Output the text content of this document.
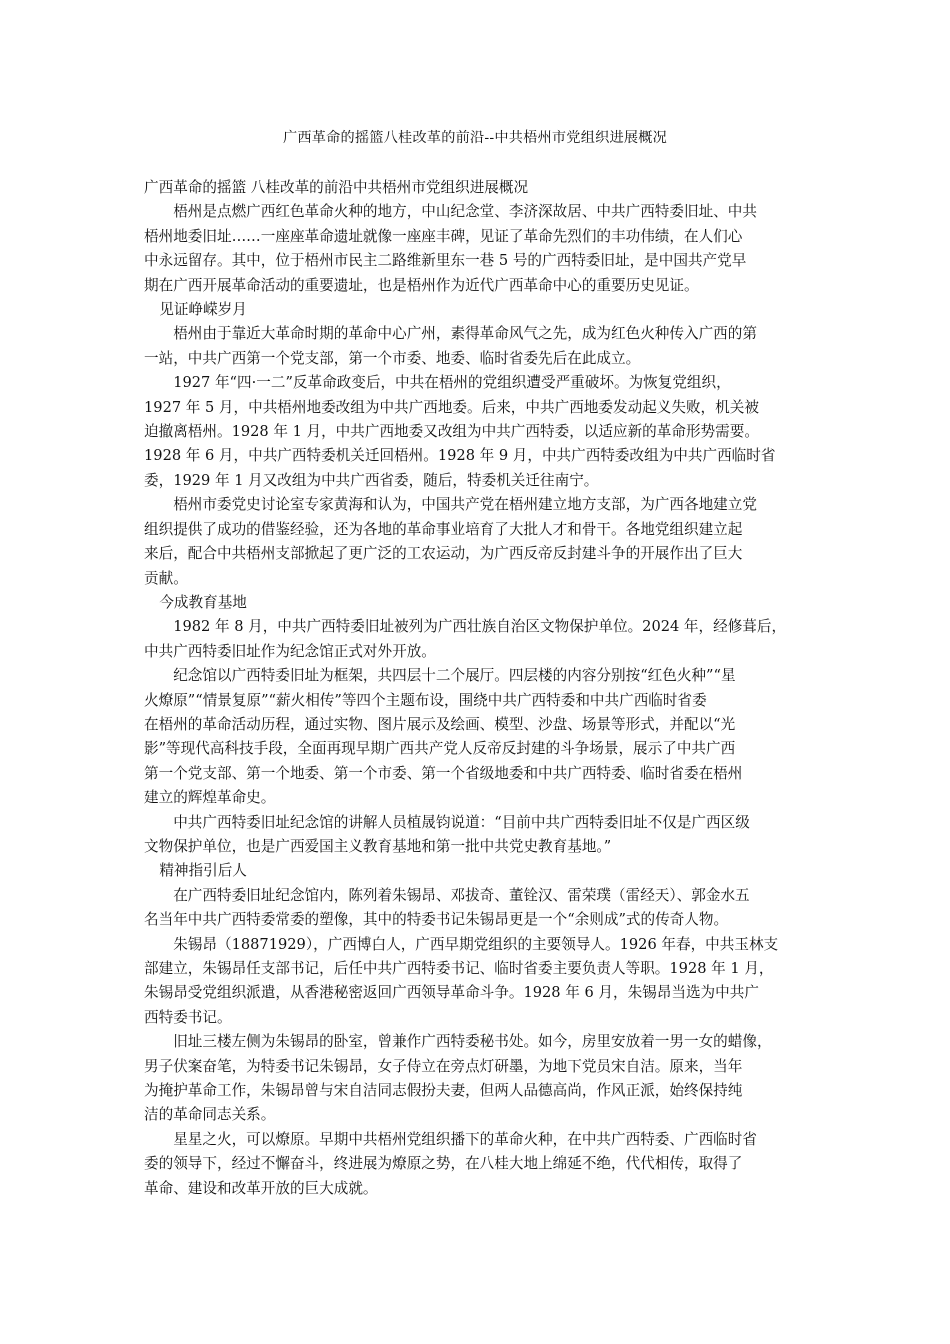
广西革命的摇篮八桂改革的前沿--中共梧州市党组织进展概况

广西革命的摇篮 八桂改革的前沿中共梧州市党组织进展概况

梧州是点燃广西红色革命火种的地方，中山纪念堂、李济深故居、中共广西特委旧址、中共

梧州地委旧址……一座座革命遗址就像一座座丰碑，见证了革命先烈们的丰功伟绩，在人们心

中永远留存。其中，位于梧州市民主二路维新里东一巷 5 号的广西特委旧址，是中国共产党早

期在广西开展革命活动的重要遗址，也是梧州作为近代广西革命中心的重要历史见证。

见证峥嵘岁月

梧州由于靠近大革命时期的革命中心广州，素得革命风气之先，成为红色火种传入广西的第

一站，中共广西第一个党支部，第一个市委、地委、临时省委先后在此成立。

1927 年“四·一二”反革命政变后，中共在梧州的党组织遭受严重破坏。为恢复党组织，

1927 年 5 月，中共梧州地委改组为中共广西地委。后来，中共广西地委发动起义失败，机关被

迫撤离梧州。1928 年 1 月，中共广西地委又改组为中共广西特委，以适应新的革命形势需要。

1928 年 6 月，中共广西特委机关迁回梧州。1928 年 9 月，中共广西特委改组为中共广西临时省

委，1929 年 1 月又改组为中共广西省委，随后，特委机关迁往南宁。

梧州市委党史讨论室专家黄海和认为，中国共产党在梧州建立地方支部，为广西各地建立党

组织提供了成功的借鉴经验，还为各地的革命事业培育了大批人才和骨干。各地党组织建立起

来后，配合中共梧州支部掀起了更广泛的工农运动，为广西反帝反封建斗争的开展作出了巨大

贡献。

今成教育基地

1982 年 8 月，中共广西特委旧址被列为广西壮族自治区文物保护单位。2024 年，经修葺后，

中共广西特委旧址作为纪念馆正式对外开放。

纪念馆以广西特委旧址为框架，共四层十二个展厅。四层楼的内容分别按“红色火种”“星

火燎原”“情景复原”“薪火相传”等四个主题布设，围绕中共广西特委和中共广西临时省委

在梧州的革命活动历程，通过实物、图片展示及绘画、模型、沙盘、场景等形式，并配以“光

影”等现代高科技手段，全面再现早期广西共产党人反帝反封建的斗争场景，展示了中共广西

第一个党支部、第一个地委、第一个市委、第一个省级地委和中共广西特委、临时省委在梧州

建立的辉煌革命史。

中共广西特委旧址纪念馆的讲解人员植晟钧说道：“目前中共广西特委旧址不仅是广西区级

文物保护单位，也是广西爱国主义教育基地和第一批中共党史教育基地。”

精神指引后人

在广西特委旧址纪念馆内，陈列着朱锡昂、邓拔奇、董铨汉、雷荣璞（雷经天）、郭金水五

名当年中共广西特委常委的塑像，其中的特委书记朱锡昂更是一个“余则成”式的传奇人物。

朱锡昂（18871929），广西博白人，广西早期党组织的主要领导人。1926 年春，中共玉林支

部建立，朱锡昂任支部书记，后任中共广西特委书记、临时省委主要负责人等职。1928 年 1 月，

朱锡昂受党组织派遣，从香港秘密返回广西领导革命斗争。1928 年 6 月，朱锡昂当选为中共广

西特委书记。

旧址三楼左侧为朱锡昂的卧室，曾兼作广西特委秘书处。如今，房里安放着一男一女的蜡像，

男子伏案奋笔，为特委书记朱锡昂，女子侍立在旁点灯研墨，为地下党员宋自洁。原来，当年

为掩护革命工作，朱锡昂曾与宋自洁同志假扮夫妻，但两人品德高尚，作风正派，始终保持纯

洁的革命同志关系。

星星之火，可以燎原。早期中共梧州党组织播下的革命火种，在中共广西特委、广西临时省

委的领导下，经过不懈奋斗，终进展为燎原之势，在八桂大地上绵延不绝，代代相传，取得了

革命、建设和改革开放的巨大成就。
